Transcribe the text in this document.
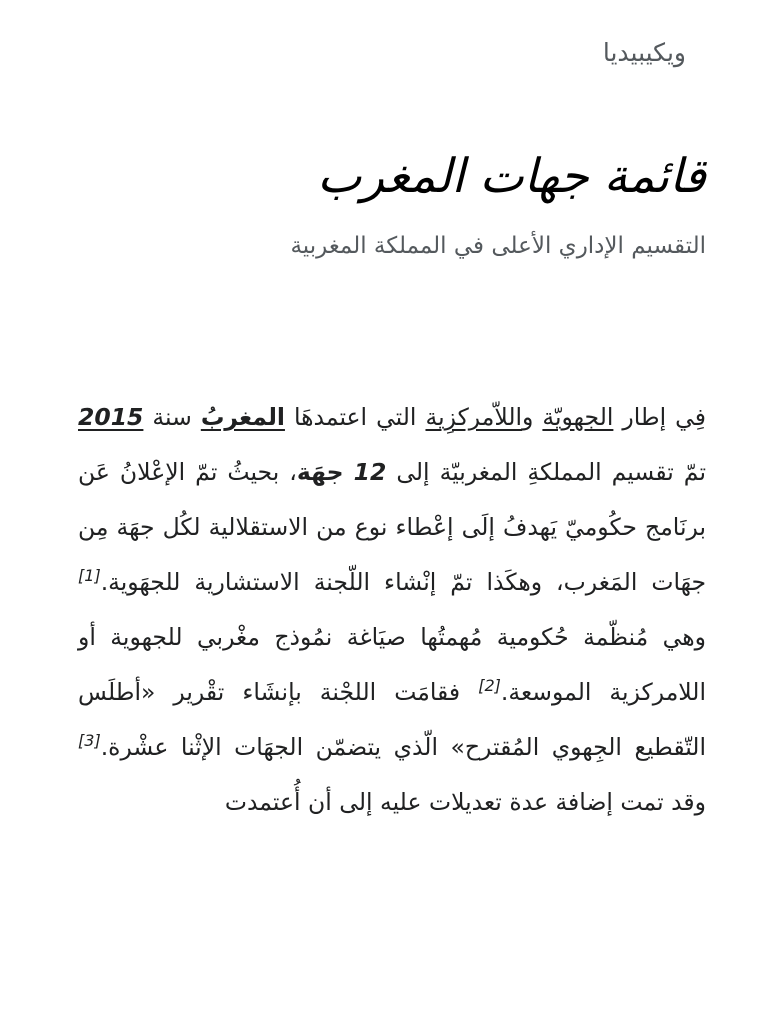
ويكيبيديا
قائمة جهات المغرب
التقسيم الإداري الأعلى في المملكة المغربية

فِي إطار الجهويّة واللاّمركزِية التي اعتمدهَا المغربُ سنة 2015 تمّ تقسيم المملكةِ المغربيّة إلى 12 جهَة، بحيثُ تمّ الإعْلانُ عَن برنَامج حكُوميّ يَهدفُ إلَى إعْطاء نوع من الاستقلالية لكُل جهَة مِن جهَات المَغرب، وهكَذا تمّ إنْشاء اللّجنة الاستشارية للجهَوية.[1] وهي مُنظّمة حُكومية مُهمتُها صيَاغة نمُوذج مغْربي للجهوية أو اللامركزية الموسعة.[2] فقامَت اللجْنة بإنشَاء تقْرير «أطلَس التّقطيع الجِهوي المُقترح» الّذي يتضمّن الجهَات الإثْنا عشْرة.[3] وقد تمت إضافة عدة تعديلات عليه إلى أن أُعتمدت
